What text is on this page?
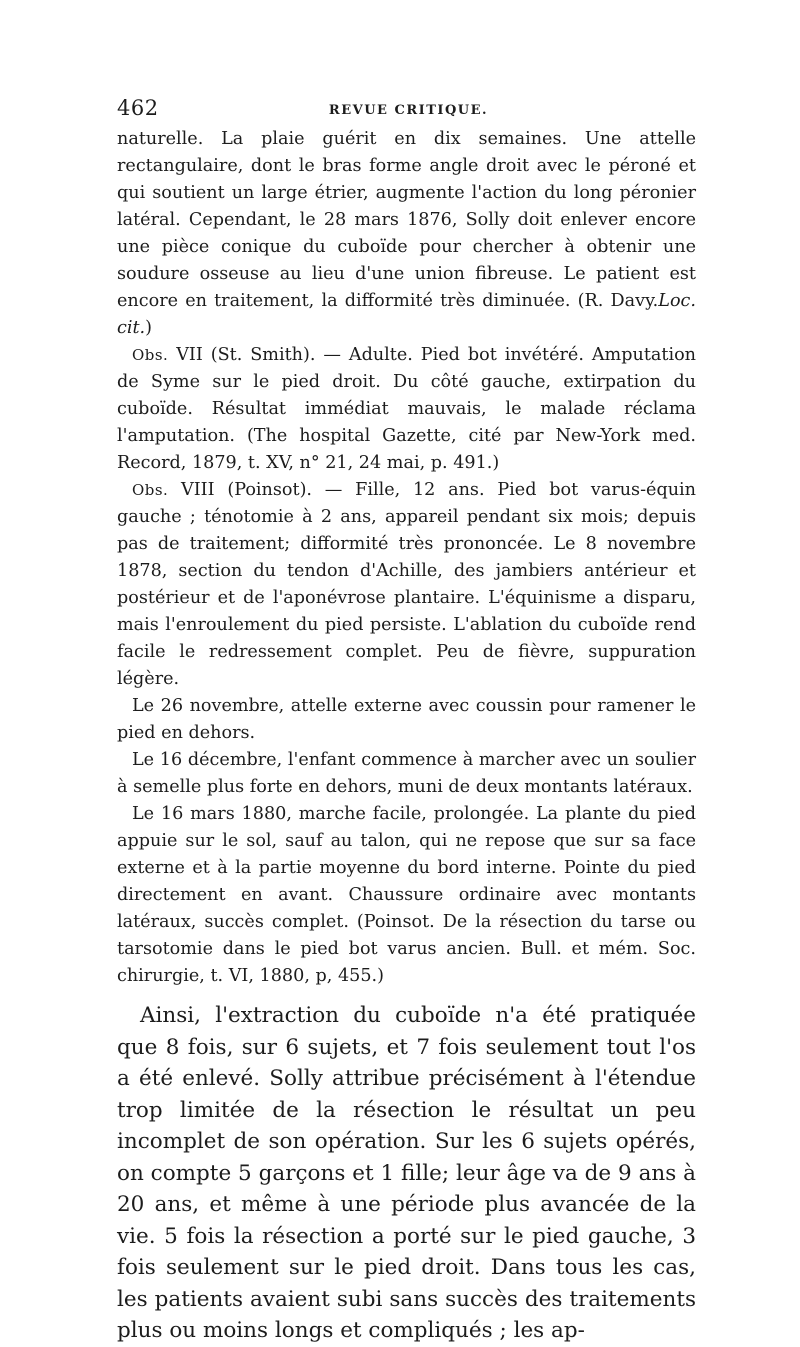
462	REVUE CRITIQUE.

naturelle. La plaie guérit en dix semaines. Une attelle rectangulaire, dont le bras forme angle droit avec le péroné et qui soutient un large étrier, augmente l'action du long péronier latéral. Cependant, le 28 mars 1876, Solly doit enlever encore une pièce conique du cuboïde pour chercher à obtenir une soudure osseuse au lieu d'une union fibreuse. Le patient est encore en traitement, la difformité très diminuée. (R. Davy.Loc. cit.)

Obs. VII (St. Smith). — Adulte. Pied bot invétéré. Amputation de Syme sur le pied droit. Du côté gauche, extirpation du cuboïde. Résultat immédiat mauvais, le malade réclama l'amputation. (The hospital Gazette, cité par New-York med. Record, 1879, t. XV, n° 21, 24 mai, p. 491.)

Obs. VIII (Poinsot). — Fille, 12 ans. Pied bot varus-équin gauche ; ténotomie à 2 ans, appareil pendant six mois; depuis pas de traitement; difformité très prononcée. Le 8 novembre 1878, section du tendon d'Achille, des jambiers antérieur et postérieur et de l'aponévrose plantaire. L'équinisme a disparu, mais l'enroulement du pied persiste. L'ablation du cuboïde rend facile le redressement complet. Peu de fièvre, suppuration légère.

Le 26 novembre, attelle externe avec coussin pour ramener le pied en dehors.

Le 16 décembre, l'enfant commence à marcher avec un soulier à semelle plus forte en dehors, muni de deux montants latéraux.

Le 16 mars 1880, marche facile, prolongée. La plante du pied appuie sur le sol, sauf au talon, qui ne repose que sur sa face externe et à la partie moyenne du bord interne. Pointe du pied directement en avant. Chaussure ordinaire avec montants latéraux, succès complet. (Poinsot. De la résection du tarse ou tarsotomie dans le pied bot varus ancien. Bull. et mém. Soc. chirurgie, t. VI, 1880, p, 455.)

Ainsi, l'extraction du cuboïde n'a été pratiquée que 8 fois, sur 6 sujets, et 7 fois seulement tout l'os a été enlevé. Solly attribue précisément à l'étendue trop limitée de la résection le résultat un peu incomplet de son opération. Sur les 6 sujets opérés, on compte 5 garçons et 1 fille; leur âge va de 9 ans à 20 ans, et même à une période plus avancée de la vie. 5 fois la résection a porté sur le pied gauche, 3 fois seulement sur le pied droit. Dans tous les cas, les patients avaient subi sans succès des traitements plus ou moins longs et compliqués ; les ap-
